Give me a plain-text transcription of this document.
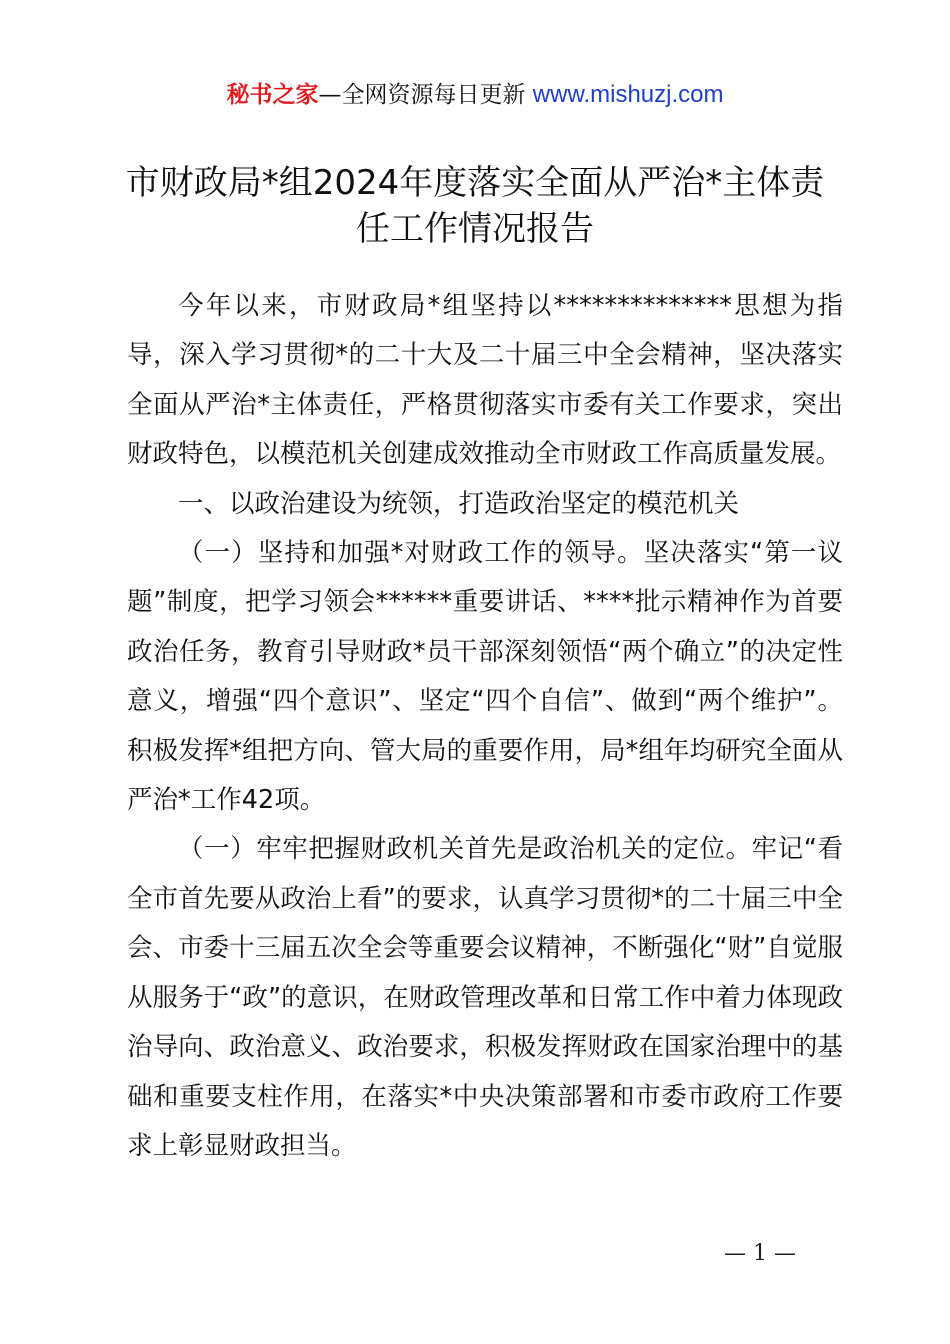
秘书之家—全网资源每日更新 www.mishuzj.com
市财政局*组2024年度落实全面从严治*主体责任工作情况报告

今年以来，市财政局*组坚持以**************思想为指导，深入学习贯彻*的二十大及二十届三中全会精神，坚决落实全面从严治*主体责任，严格贯彻落实市委有关工作要求，突出财政特色，以模范机关创建成效推动全市财政工作高质量发展。

一、以政治建设为统领，打造政治坚定的模范机关

（一）坚持和加强*对财政工作的领导。坚决落实“第一议题”制度，把学习领会******重要讲话、****批示精神作为首要政治任务，教育引导财政*员干部深刻领悟“两个确立”的决定性意义，增强“四个意识”、坚定“四个自信”、做到“两个维护”。积极发挥*组把方向、管大局的重要作用，局*组年均研究全面从严治*工作42项。

（一）牢牢把握财政机关首先是政治机关的定位。牢记“看全市首先要从政治上看”的要求，认真学习贯彻*的二十届三中全会、市委十三届五次全会等重要会议精神，不断强化“财”自觉服从服务于“政”的意识，在财政管理改革和日常工作中着力体现政治导向、政治意义、政治要求，积极发挥财政在国家治理中的基础和重要支柱作用，在落实*中央决策部署和市委市政府工作要求上彰显财政担当。

— 1 —
